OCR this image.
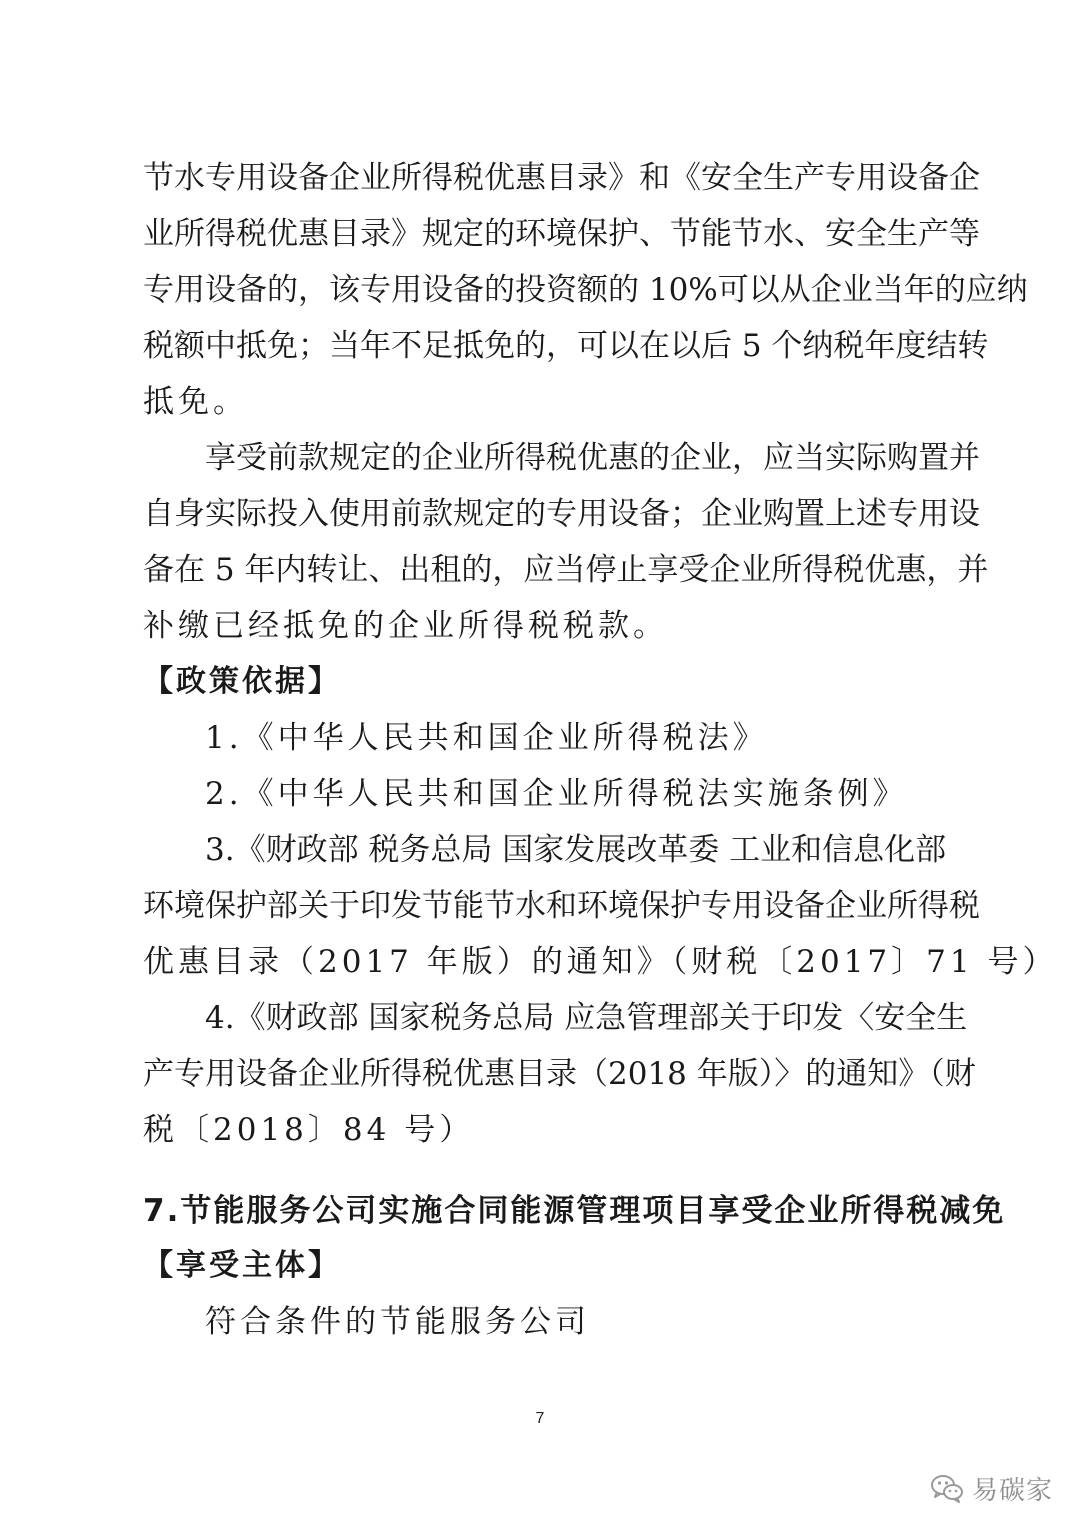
节水专用设备企业所得税优惠目录》和《安全生产专用设备企
业所得税优惠目录》规定的环境保护、节能节水、安全生产等
专用设备的，该专用设备的投资额的 10%可以从企业当年的应纳
税额中抵免；当年不足抵免的，可以在以后 5 个纳税年度结转
抵免。
享受前款规定的企业所得税优惠的企业，应当实际购置并
自身实际投入使用前款规定的专用设备；企业购置上述专用设
备在 5 年内转让、出租的，应当停止享受企业所得税优惠，并
补缴已经抵免的企业所得税税款。
【政策依据】
1.《中华人民共和国企业所得税法》
2.《中华人民共和国企业所得税法实施条例》
3.《财政部 税务总局 国家发展改革委 工业和信息化部
环境保护部关于印发节能节水和环境保护专用设备企业所得税
优惠目录（2017 年版）的通知》（财税〔2017〕71 号）
4.《财政部 国家税务总局 应急管理部关于印发〈安全生
产专用设备企业所得税优惠目录（2018 年版）〉的通知》（财
税〔2018〕84 号）
7.节能服务公司实施合同能源管理项目享受企业所得税减免
【享受主体】
符合条件的节能服务公司
7
易碳家
